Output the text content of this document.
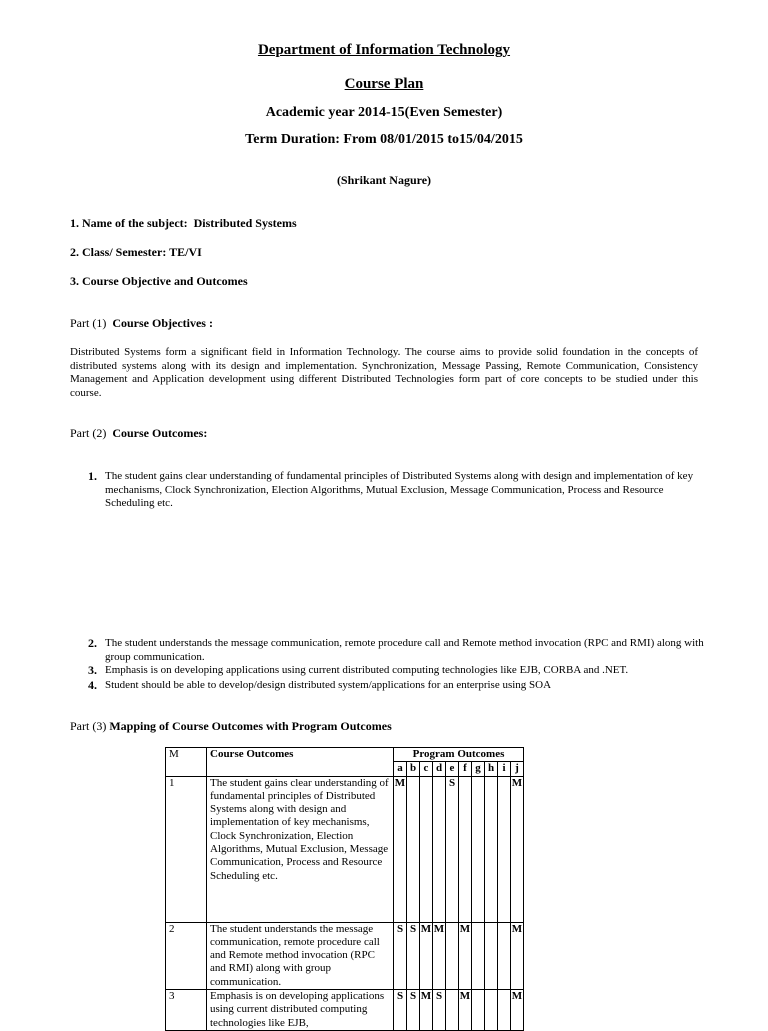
Department of Information Technology
Course Plan
Academic year 2014-15(Even Semester)
Term Duration: From 08/01/2015 to15/04/2015
(Shrikant Nagure)
1. Name of the subject: Distributed Systems
2. Class/ Semester: TE/VI
3. Course Objective and Outcomes
Part (1) Course Objectives :
Distributed Systems form a significant field in Information Technology. The course aims to provide solid foundation in the concepts of distributed systems along with its design and implementation. Synchronization, Message Passing, Remote Communication, Consistency Management and Application development using different Distributed Technologies form part of core concepts to be studied under this course.
Part (2) Course Outcomes:
1. The student gains clear understanding of fundamental principles of Distributed Systems along with design and implementation of key mechanisms, Clock Synchronization, Election Algorithms, Mutual Exclusion, Message Communication, Process and Resource Scheduling etc.
2. The student understands the message communication, remote procedure call and Remote method invocation (RPC and RMI) along with group communication.
3. Emphasis is on developing applications using current distributed computing technologies like EJB, CORBA and .NET.
4. Student should be able to develop/design distributed system/applications for an enterprise using SOA
Part (3) Mapping of Course Outcomes with Program Outcomes
M	Course Outcomes	Program Outcomes									
		a	b	c	d	e	f	g	h	i	j
1	The student gains clear understanding of fundamental principles of Distributed Systems along with design and implementation of key mechanisms, Clock Synchronization, Election Algorithms, Mutual Exclusion, Message Communication, Process and Resource Scheduling etc.	M				S					M
2	The student understands the message communication, remote procedure call and Remote method invocation (RPC and RMI) along with group communication.	S	S	M	M		M				M
3	Emphasis is on developing applications using current distributed computing technologies like EJB,	S	S	M	S		M				M
